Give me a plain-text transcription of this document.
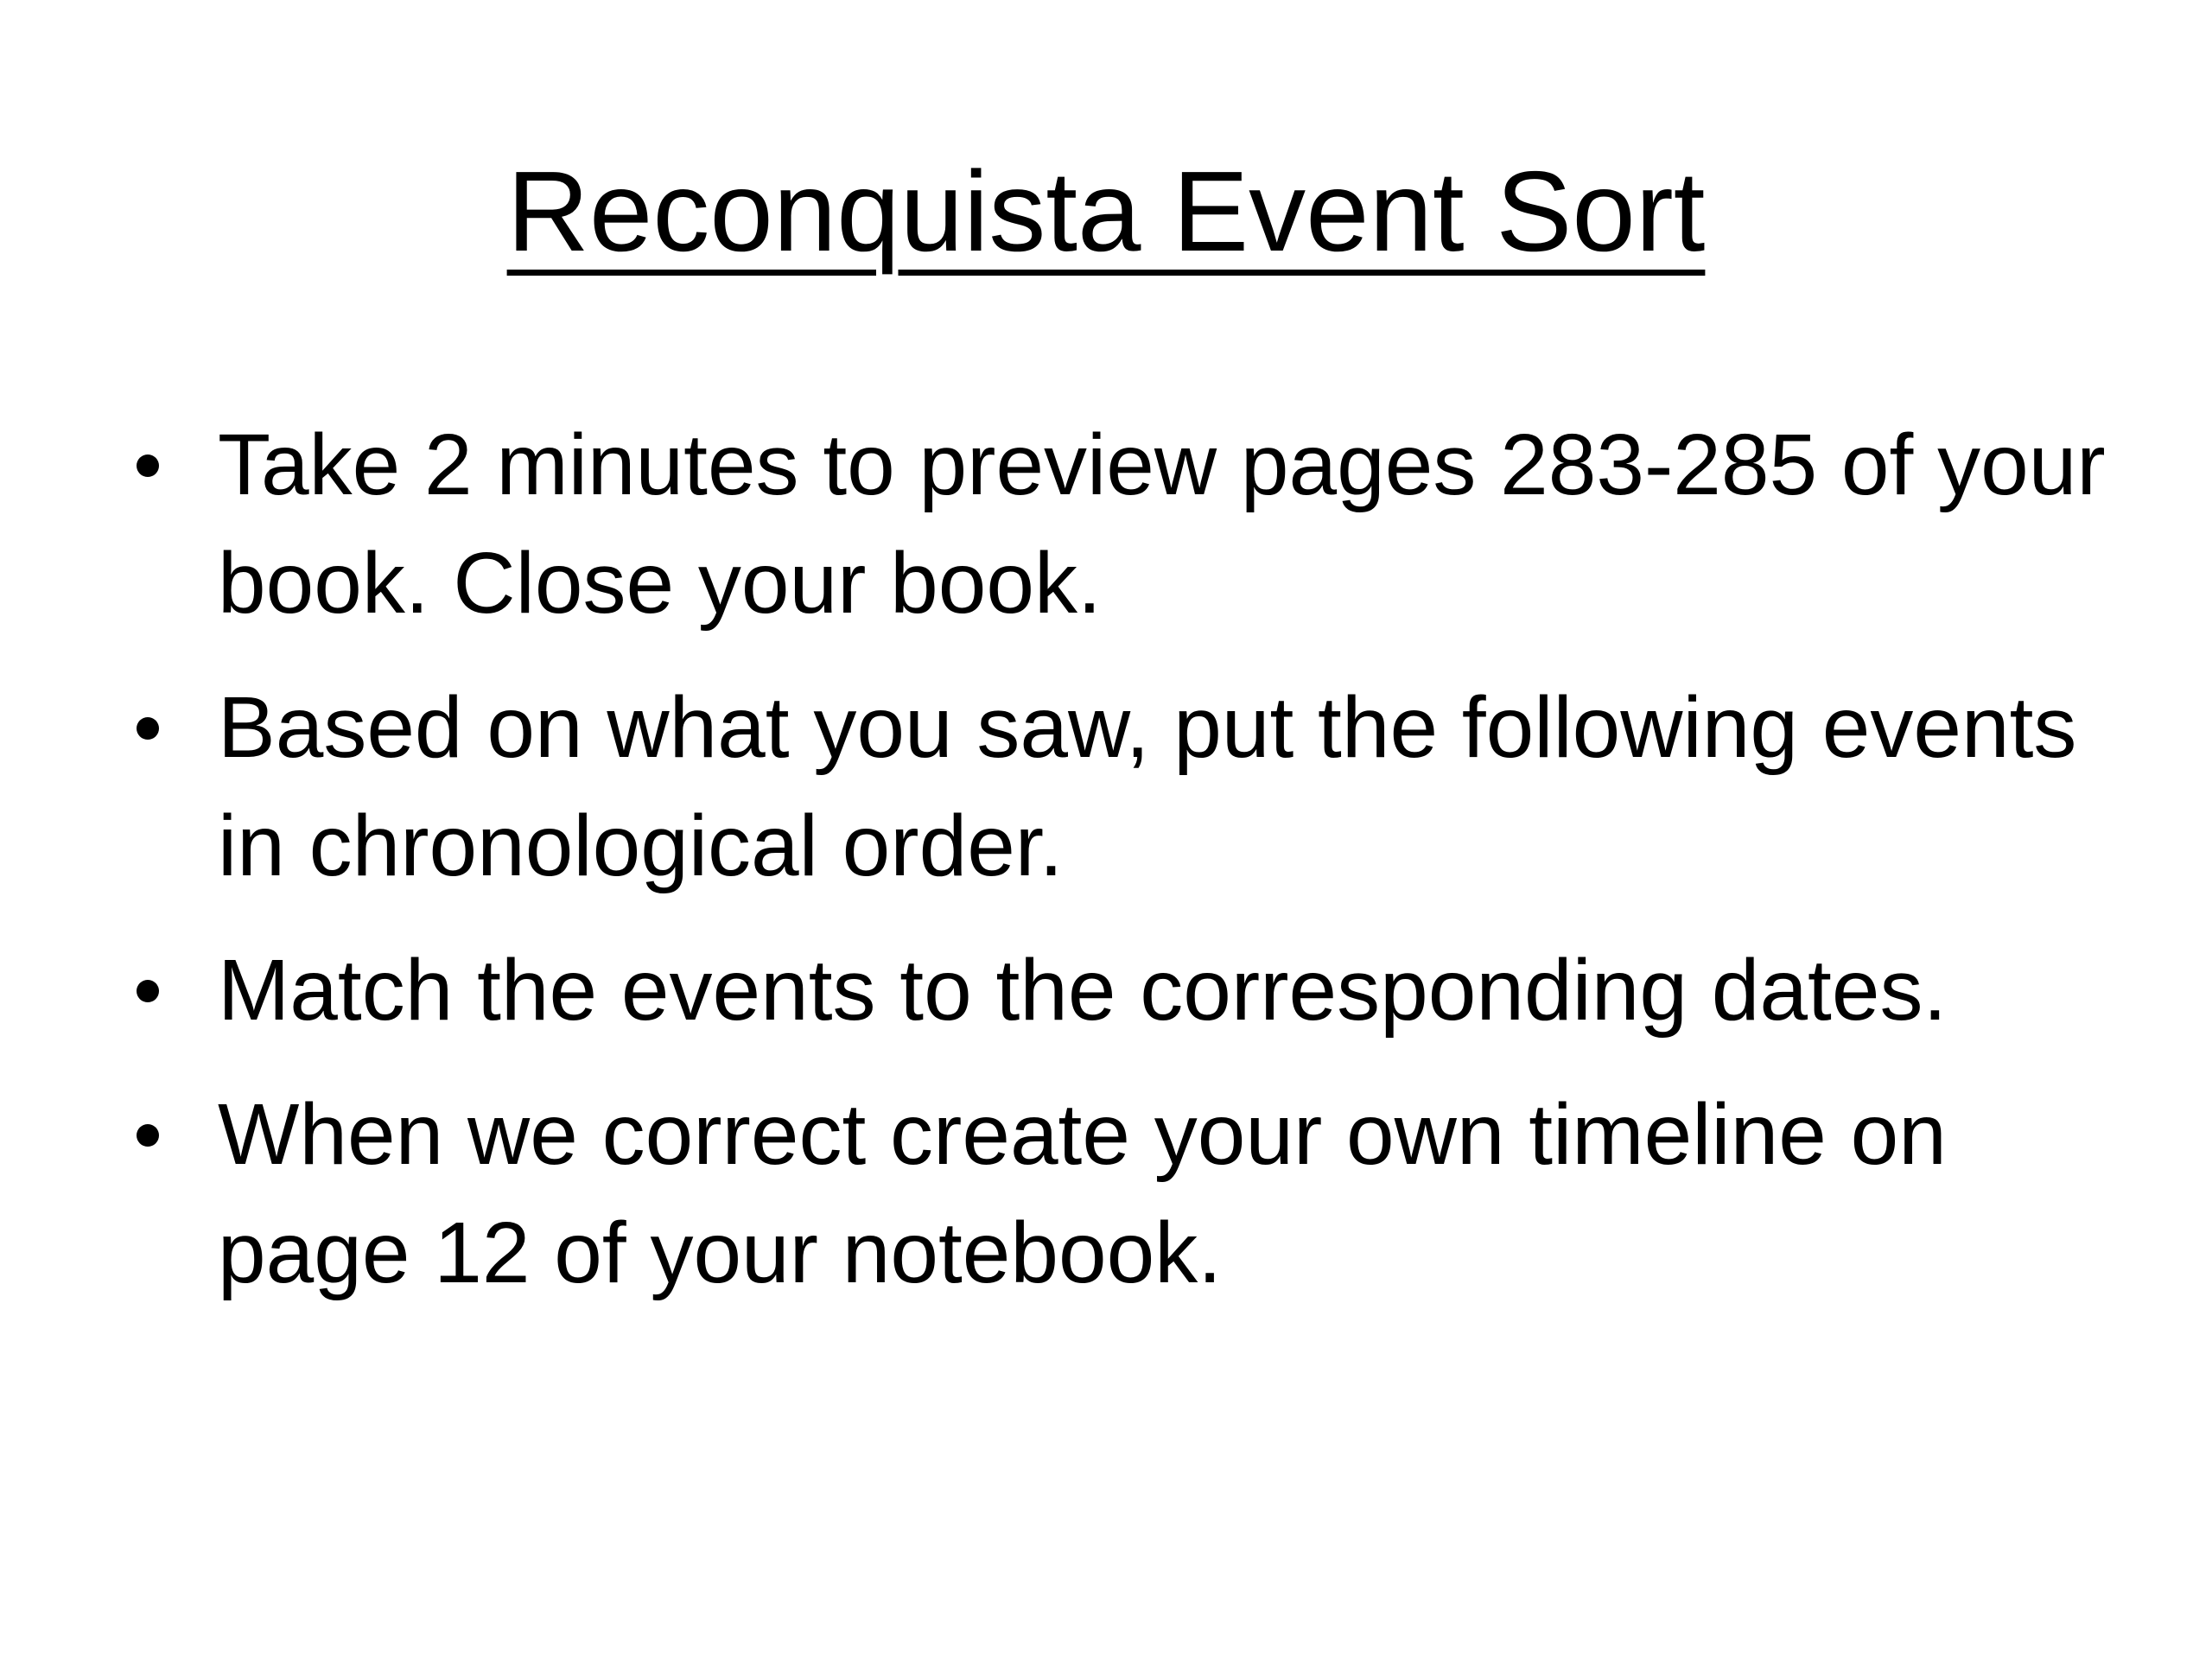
Reconquista Event Sort
Take 2 minutes to preview pages 283-285 of your book. Close your book.
Based on what you saw, put the following events in chronological order.
Match the events to the corresponding dates.
When we correct create your own timeline on page 12 of your notebook.
